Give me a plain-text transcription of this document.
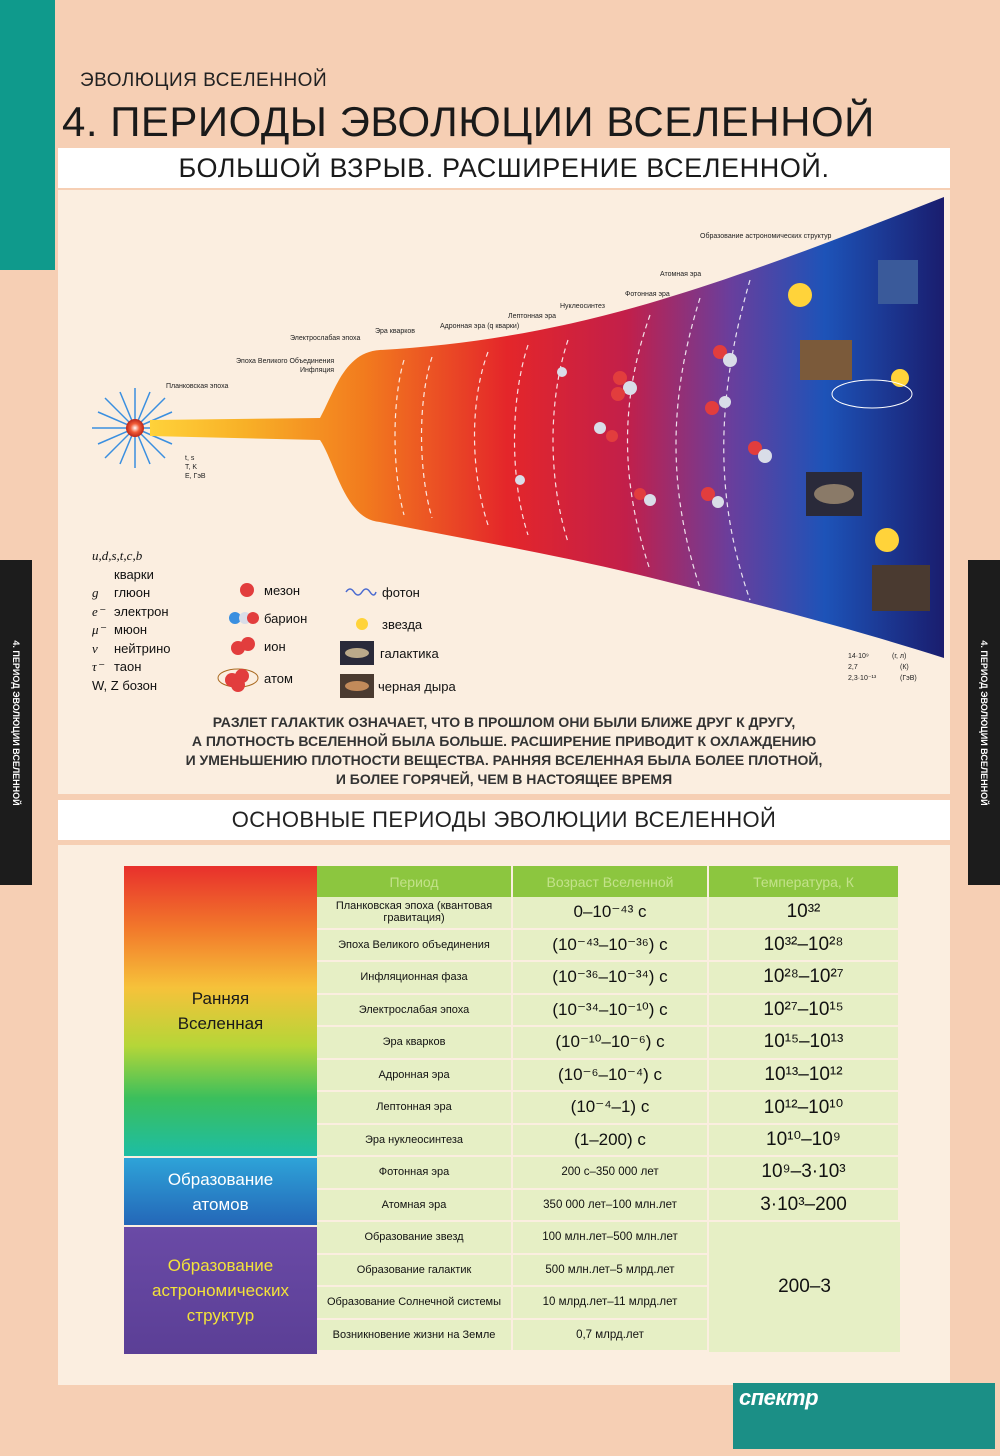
4. ПЕРИОД ЭВОЛЮЦИИ ВСЕЛЕННОЙ	4. ПЕРИОД ЭВОЛЮЦИИ ВСЕЛЕННОЙ
ЭВОЛЮЦИЯ ВСЕЛЕННОЙ
4. ПЕРИОДЫ ЭВОЛЮЦИИ ВСЕЛЕННОЙ
БОЛЬШОЙ ВЗРЫВ. РАСШИРЕНИЕ ВСЕЛЕННОЙ.
Планковская эпоха
Эпоха Великого Объединения
Инфляция
Электрослабая эпоха
Эра кварков
Адронная эра (q кварки)
Лептонная эра
Нуклеосинтез
Фотонная эра
Атомная эра
Образование астрономических структур
t, s
T, K
E, ГэВ
14·10⁹	(г, л)
2,7	(К)
2,3·10⁻¹³	(ГэВ)
u,d,s,t,c,b
кварки
g глюон
e⁻ электрон
μ⁻ мюон
ν нейтрино
τ⁻ таон
W, Z бозон
мезон
барион
ион
атом
фотон
звезда
галактика
черная дыра
РАЗЛЕТ ГАЛАКТИК ОЗНАЧАЕТ, ЧТО В ПРОШЛОМ ОНИ БЫЛИ БЛИЖЕ ДРУГ К ДРУГУ,
А ПЛОТНОСТЬ ВСЕЛЕННОЙ БЫЛА БОЛЬШЕ. РАСШИРЕНИЕ ПРИВОДИТ К ОХЛАЖДЕНИЮ
И УМЕНЬШЕНИЮ ПЛОТНОСТИ ВЕЩЕСТВА. РАННЯЯ ВСЕЛЕННАЯ БЫЛА БОЛЕЕ ПЛОТНОЙ,
И БОЛЕЕ ГОРЯЧЕЙ, ЧЕМ В НАСТОЯЩЕЕ ВРЕМЯ
ОСНОВНЫЕ ПЕРИОДЫ ЭВОЛЮЦИИ ВСЕЛЕННОЙ
Ранняя
Вселенная
Образование
атомов
Образование
астрономических
структур
Период	Возраст Вселенной	Температура, К
Планковская эпоха (квантовая гравитация)	0–10⁻⁴³ с	10³²
Эпоха Великого объединения	(10⁻⁴³–10⁻³⁶) с	10³²–10²⁸
Инфляционная фаза	(10⁻³⁶–10⁻³⁴) с	10²⁸–10²⁷
Электрослабая эпоха	(10⁻³⁴–10⁻¹⁰) с	10²⁷–10¹⁵
Эра кварков	(10⁻¹⁰–10⁻⁶) с	10¹⁵–10¹³
Адронная эра	(10⁻⁶–10⁻⁴) с	10¹³–10¹²
Лептонная эра	(10⁻⁴–1) с	10¹²–10¹⁰
Эра нуклеосинтеза	(1–200) с	10¹⁰–10⁹
Фотонная эра	200 с–350 000 лет	10⁹–3·10³
Атомная эра	350 000 лет–100 млн.лет	3·10³–200
Образование звезд	100 млн.лет–500 млн.лет
Образование галактик	500 млн.лет–5 млрд.лет
Образование Солнечной системы	10 млрд.лет–11 млрд.лет
Возникновение жизни на Земле	0,7 млрд.лет
200–3
спектр
